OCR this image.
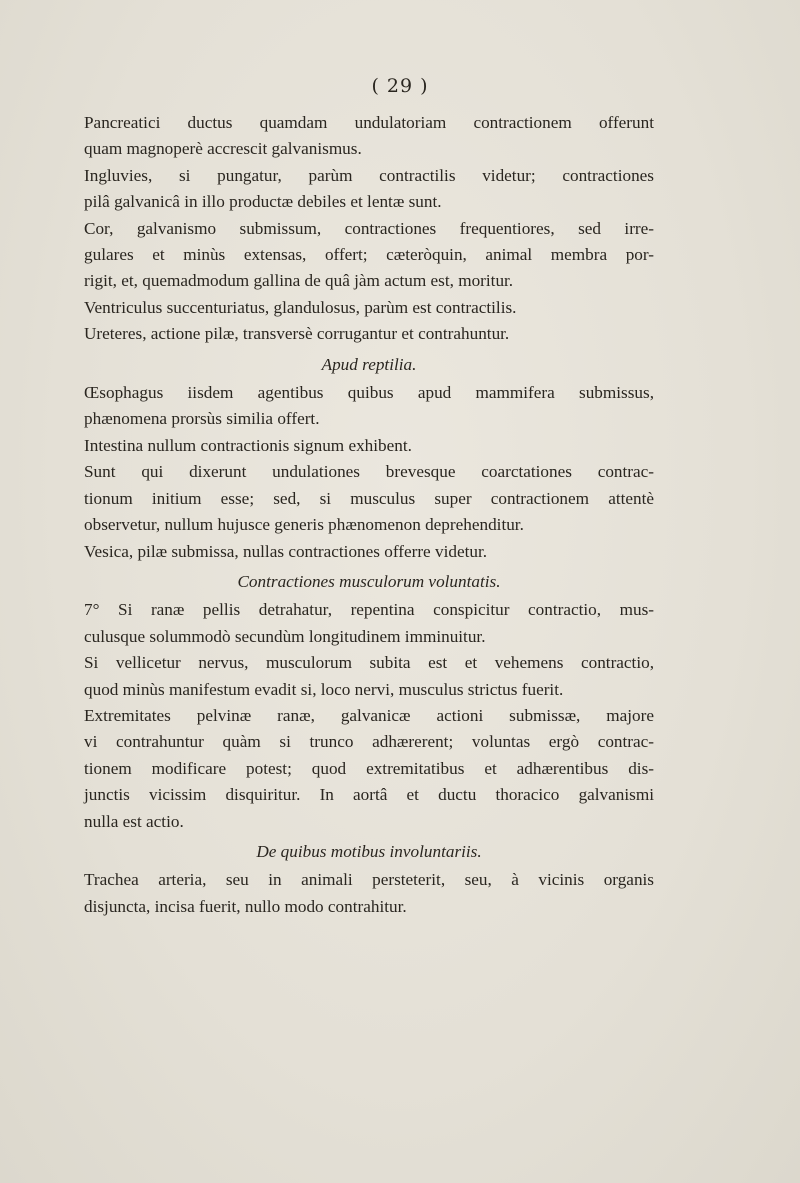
( 29 )
Pancreatici ductus quamdam undulatoriam contractionem offerunt
quam magnoperè accrescit galvanismus.
Ingluvies, si pungatur, parùm contractilis videtur; contractiones
pilâ galvanicâ in illo productæ debiles et lentæ sunt.
Cor, galvanismo submissum, contractiones frequentiores, sed irre-
gulares et minùs extensas, offert; cæteròquin, animal membra por-
rigit, et, quemadmodum gallina de quâ jàm actum est, moritur.
Ventriculus succenturiatus, glandulosus, parùm est contractilis.
Ureteres, actione pilæ, transversè corrugantur et contrahuntur.
Apud reptilia.
Œsophagus iisdem agentibus quibus apud mammifera submissus,
phænomena prorsùs similia offert.
Intestina nullum contractionis signum exhibent.
Sunt qui dixerunt undulationes brevesque coarctationes contrac-
tionum initium esse; sed, si musculus super contractionem attentè
observetur, nullum hujusce generis phænomenon deprehenditur.
Vesica, pilæ submissa, nullas contractiones offerre videtur.
Contractiones musculorum voluntatis.
7° Si ranæ pellis detrahatur, repentina conspicitur contractio, mus-
culusque solummodò secundùm longitudinem imminuitur.
Si vellicetur nervus, musculorum subita est et vehemens contractio,
quod minùs manifestum evadit si, loco nervi, musculus strictus fuerit.
Extremitates pelvinæ ranæ, galvanicæ actioni submissæ, majore
vi contrahuntur quàm si trunco adhærerent; voluntas ergò contrac-
tionem modificare potest; quod extremitatibus et adhærentibus dis-
junctis vicissim disquiritur. In aortâ et ductu thoracico galvanismi
nulla est actio.
De quibus motibus involuntariis.
Trachea arteria, seu in animali persteterit, seu, à vicinis organis
disjuncta, incisa fuerit, nullo modo contrahitur.
